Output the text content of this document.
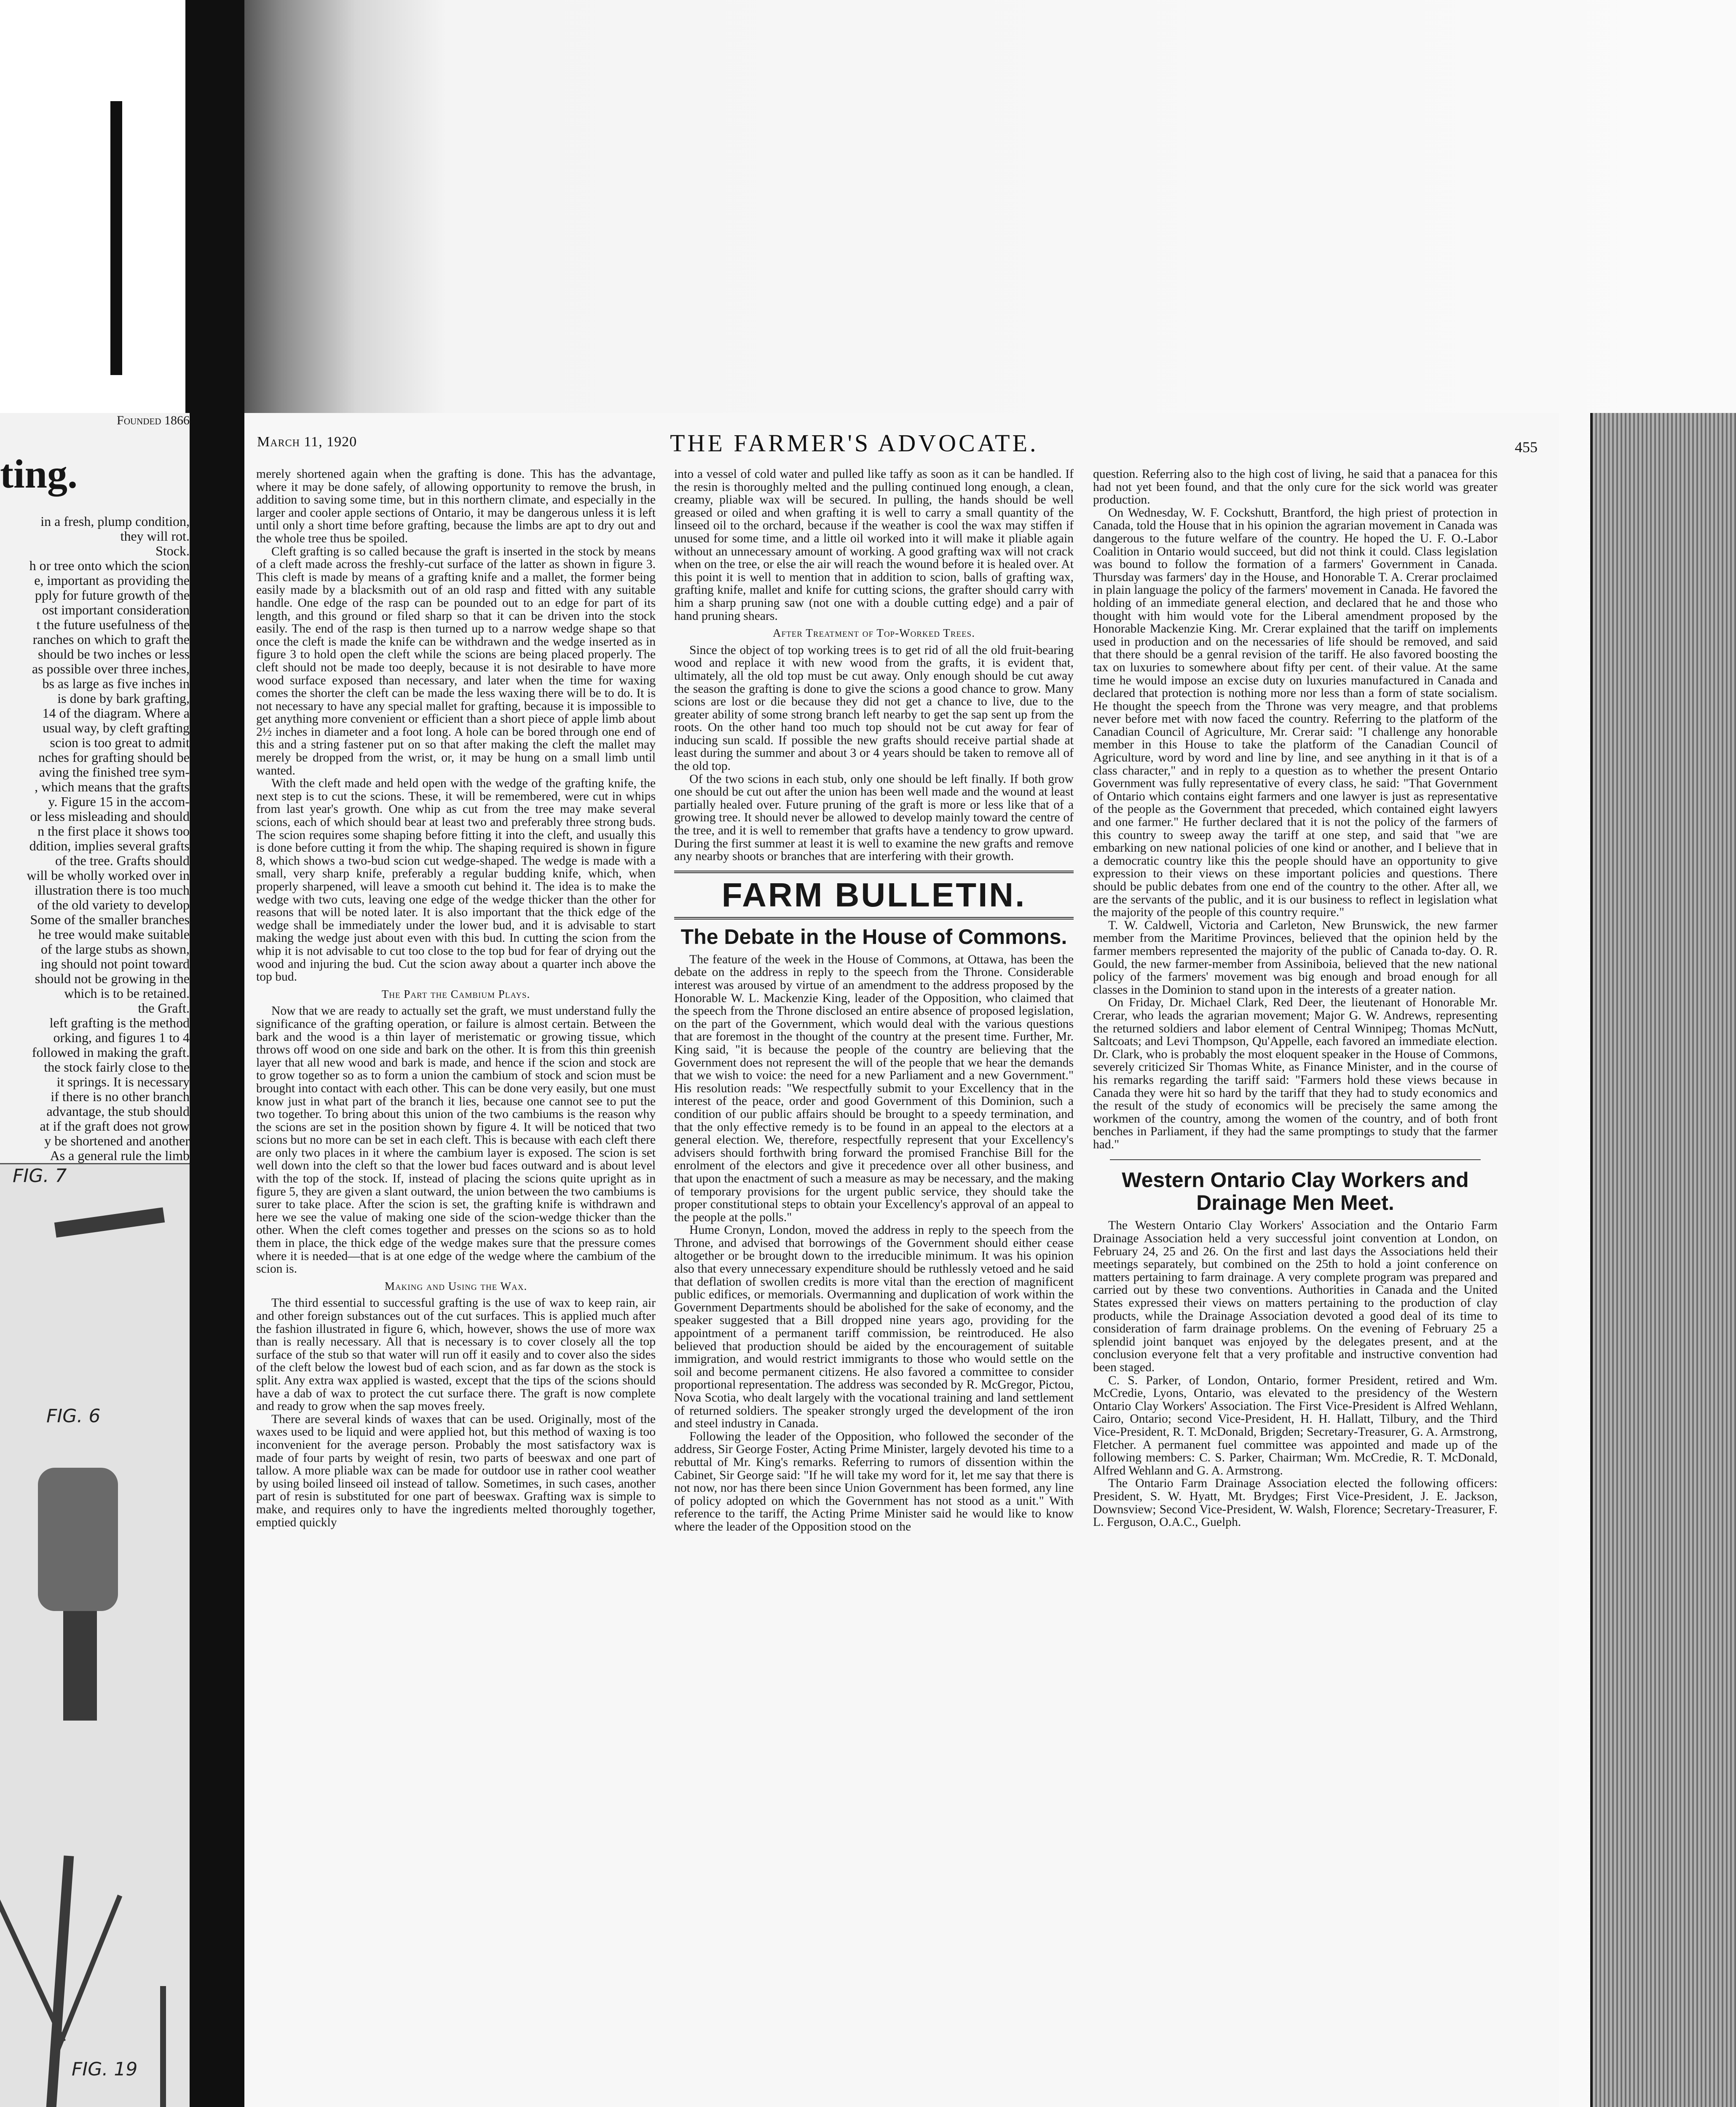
Founded 1866
ting.
in a fresh, plump condition,
they will rot.
Stock.
h or tree onto which the scion
e, important as providing the
pply for future growth of the
ost important consideration
t the future usefulness of the
ranches on which to graft the
should be two inches or less
as possible over three inches,
bs as large as five inches in
is done by bark grafting,
14 of the diagram. Where a
usual way, by cleft grafting
scion is too great to admit
nches for grafting should be
aving the finished tree sym-
, which means that the grafts
y. Figure 15 in the accom-
or less misleading and should
n the first place it shows too
ddition, implies several grafts
of the tree. Grafts should
will be wholly worked over in
illustration there is too much
of the old variety to develop
Some of the smaller branches
he tree would make suitable
of the large stubs as shown,
ing should not point toward
should not be growing in the
which is to be retained.
the Graft.
left grafting is the method
orking, and figures 1 to 4
followed in making the graft.
the stock fairly close to the
it springs. It is necessary
if there is no other branch
advantage, the stub should
at if the graft does not grow
y be shortened and another
As a general rule the limb

FIG. 7
FIG. 6
FIG. 19
March 11, 1920	THE FARMER'S ADVOCATE.	455

merely shortened again when the grafting is done. This has the advantage, where it may be done safely, of allowing opportunity to remove the brush, in addition to saving some time, but in this northern climate, and especially in the larger and cooler apple sections of Ontario, it may be dangerous unless it is left until only a short time before grafting, because the limbs are apt to dry out and the whole tree thus be spoiled.

Cleft grafting is so called because the graft is inserted in the stock by means of a cleft made across the freshly-cut surface of the latter as shown in figure 3. This cleft is made by means of a grafting knife and a mallet, the former being easily made by a blacksmith out of an old rasp and fitted with any suitable handle. One edge of the rasp can be pounded out to an edge for part of its length, and this ground or filed sharp so that it can be driven into the stock easily. The end of the rasp is then turned up to a narrow wedge shape so that once the cleft is made the knife can be withdrawn and the wedge inserted as in figure 3 to hold open the cleft while the scions are being placed properly. The cleft should not be made too deeply, because it is not desirable to have more wood surface exposed than necessary, and later when the time for waxing comes the shorter the cleft can be made the less waxing there will be to do. It is not necessary to have any special mallet for grafting, because it is impossible to get anything more convenient or efficient than a short piece of apple limb about 2½ inches in diameter and a foot long. A hole can be bored through one end of this and a string fastener put on so that after making the cleft the mallet may merely be dropped from the wrist, or, it may be hung on a small limb until wanted.

With the cleft made and held open with the wedge of the grafting knife, the next step is to cut the scions. These, it will be remembered, were cut in whips from last year's growth. One whip as cut from the tree may make several scions, each of which should bear at least two and preferably three strong buds. The scion requires some shaping before fitting it into the cleft, and usually this is done before cutting it from the whip. The shaping required is shown in figure 8, which shows a two-bud scion cut wedge-shaped. The wedge is made with a small, very sharp knife, preferably a regular budding knife, which, when properly sharpened, will leave a smooth cut behind it. The idea is to make the wedge with two cuts, leaving one edge of the wedge thicker than the other for reasons that will be noted later. It is also important that the thick edge of the wedge shall be immediately under the lower bud, and it is advisable to start making the wedge just about even with this bud. In cutting the scion from the whip it is not advisable to cut too close to the top bud for fear of drying out the wood and injuring the bud. Cut the scion away about a quarter inch above the top bud.

The Part the Cambium Plays.

Now that we are ready to actually set the graft, we must understand fully the significance of the grafting operation, or failure is almost certain. Between the bark and the wood is a thin layer of meristematic or growing tissue, which throws off wood on one side and bark on the other. It is from this thin greenish layer that all new wood and bark is made, and hence if the scion and stock are to grow together so as to form a union the cambium of stock and scion must be brought into contact with each other. This can be done very easily, but one must know just in what part of the branch it lies, because one cannot see to put the two together. To bring about this union of the two cambiums is the reason why the scions are set in the position shown by figure 4. It will be noticed that two scions but no more can be set in each cleft. This is because with each cleft there are only two places in it where the cambium layer is exposed. The scion is set well down into the cleft so that the lower bud faces outward and is about level with the top of the stock. If, instead of placing the scions quite upright as in figure 5, they are given a slant outward, the union between the two cambiums is surer to take place. After the scion is set, the grafting knife is withdrawn and here we see the value of making one side of the scion-wedge thicker than the other. When the cleft comes together and presses on the scions so as to hold them in place, the thick edge of the wedge makes sure that the pressure comes where it is needed—that is at one edge of the wedge where the cambium of the scion is.

Making and Using the Wax.

The third essential to successful grafting is the use of wax to keep rain, air and other foreign substances out of the cut surfaces. This is applied much after the fashion illustrated in figure 6, which, however, shows the use of more wax than is really necessary. All that is necessary is to cover closely all the top surface of the stub so that water will run off it easily and to cover also the sides of the cleft below the lowest bud of each scion, and as far down as the stock is split. Any extra wax applied is wasted, except that the tips of the scions should have a dab of wax to protect the cut surface there. The graft is now complete and ready to grow when the sap moves freely.

There are several kinds of waxes that can be used. Originally, most of the waxes used to be liquid and were applied hot, but this method of waxing is too inconvenient for the average person. Probably the most satisfactory wax is made of four parts by weight of resin, two parts of beeswax and one part of tallow. A more pliable wax can be made for outdoor use in rather cool weather by using boiled linseed oil instead of tallow. Sometimes, in such cases, another part of resin is substituted for one part of beeswax. Grafting wax is simple to make, and requires only to have the ingredients melted thoroughly together, emptied quickly

into a vessel of cold water and pulled like taffy as soon as it can be handled. If the resin is thoroughly melted and the pulling continued long enough, a clean, creamy, pliable wax will be secured. In pulling, the hands should be well greased or oiled and when grafting it is well to carry a small quantity of the linseed oil to the orchard, because if the weather is cool the wax may stiffen if unused for some time, and a little oil worked into it will make it pliable again without an unnecessary amount of working. A good grafting wax will not crack when on the tree, or else the air will reach the wound before it is healed over. At this point it is well to mention that in addition to scion, balls of grafting wax, grafting knife, mallet and knife for cutting scions, the grafter should carry with him a sharp pruning saw (not one with a double cutting edge) and a pair of hand pruning shears.

After Treatment of Top-Worked Trees.

Since the object of top working trees is to get rid of all the old fruit-bearing wood and replace it with new wood from the grafts, it is evident that, ultimately, all the old top must be cut away. Only enough should be cut away the season the grafting is done to give the scions a good chance to grow. Many scions are lost or die because they did not get a chance to live, due to the greater ability of some strong branch left nearby to get the sap sent up from the roots. On the other hand too much top should not be cut away for fear of inducing sun scald. If possible the new grafts should receive partial shade at least during the summer and about 3 or 4 years should be taken to remove all of the old top.

Of the two scions in each stub, only one should be left finally. If both grow one should be cut out after the union has been well made and the wound at least partially healed over. Future pruning of the graft is more or less like that of a growing tree. It should never be allowed to develop mainly toward the centre of the tree, and it is well to remember that grafts have a tendency to grow upward. During the first summer at least it is well to examine the new grafts and remove any nearby shoots or branches that are interfering with their growth.

FARM BULLETIN.
The Debate in the House of Commons.

The feature of the week in the House of Commons, at Ottawa, has been the debate on the address in reply to the speech from the Throne. Considerable interest was aroused by virtue of an amendment to the address proposed by the Honorable W. L. Mackenzie King, leader of the Opposition, who claimed that the speech from the Throne disclosed an entire absence of proposed legislation, on the part of the Government, which would deal with the various questions that are foremost in the thought of the country at the present time. Further, Mr. King said, "it is because the people of the country are believing that the Government does not represent the will of the people that we hear the demands that we wish to voice: the need for a new Parliament and a new Government." His resolution reads: "We respectfully submit to your Excellency that in the interest of the peace, order and good Government of this Dominion, such a condition of our public affairs should be brought to a speedy termination, and that the only effective remedy is to be found in an appeal to the electors at a general election. We, therefore, respectfully represent that your Excellency's advisers should forthwith bring forward the promised Franchise Bill for the enrolment of the electors and give it precedence over all other business, and that upon the enactment of such a measure as may be necessary, and the making of temporary provisions for the urgent public service, they should take the proper constitutional steps to obtain your Excellency's approval of an appeal to the people at the polls."

Hume Cronyn, London, moved the address in reply to the speech from the Throne, and advised that borrowings of the Government should either cease altogether or be brought down to the irreducible minimum. It was his opinion also that every unnecessary expenditure should be ruthlessly vetoed and he said that deflation of swollen credits is more vital than the erection of magnificent public edifices, or memorials. Overmanning and duplication of work within the Government Departments should be abolished for the sake of economy, and the speaker suggested that a Bill dropped nine years ago, providing for the appointment of a permanent tariff commission, be reintroduced. He also believed that production should be aided by the encouragement of suitable immigration, and would restrict immigrants to those who would settle on the soil and become permanent citizens. He also favored a committee to consider proportional representation. The address was seconded by R. McGregor, Pictou, Nova Scotia, who dealt largely with the vocational training and land settlement of returned soldiers. The speaker strongly urged the development of the iron and steel industry in Canada.

Following the leader of the Opposition, who followed the seconder of the address, Sir George Foster, Acting Prime Minister, largely devoted his time to a rebuttal of Mr. King's remarks. Referring to rumors of dissention within the Cabinet, Sir George said: "If he will take my word for it, let me say that there is not now, nor has there been since Union Government has been formed, any line of policy adopted on which the Government has not stood as a unit." With reference to the tariff, the Acting Prime Minister said he would like to know where the leader of the Opposition stood on the

question. Referring also to the high cost of living, he said that a panacea for this had not yet been found, and that the only cure for the sick world was greater production.

On Wednesday, W. F. Cockshutt, Brantford, the high priest of protection in Canada, told the House that in his opinion the agrarian movement in Canada was dangerous to the future welfare of the country. He hoped the U. F. O.-Labor Coalition in Ontario would succeed, but did not think it could. Class legislation was bound to follow the formation of a farmers' Government in Canada. Thursday was farmers' day in the House, and Honorable T. A. Crerar proclaimed in plain language the policy of the farmers' movement in Canada. He favored the holding of an immediate general election, and declared that he and those who thought with him would vote for the Liberal amendment proposed by the Honorable Mackenzie King. Mr. Crerar explained that the tariff on implements used in production and on the necessaries of life should be removed, and said that there should be a genral revision of the tariff. He also favored boosting the tax on luxuries to somewhere about fifty per cent. of their value. At the same time he would impose an excise duty on luxuries manufactured in Canada and declared that protection is nothing more nor less than a form of state socialism. He thought the speech from the Throne was very meagre, and that problems never before met with now faced the country. Referring to the platform of the Canadian Council of Agriculture, Mr. Crerar said: "I challenge any honorable member in this House to take the platform of the Canadian Council of Agriculture, word by word and line by line, and see anything in it that is of a class character," and in reply to a question as to whether the present Ontario Government was fully representative of every class, he said: "That Government of Ontario which contains eight farmers and one lawyer is just as representative of the people as the Government that preceded, which contained eight lawyers and one farmer." He further declared that it is not the policy of the farmers of this country to sweep away the tariff at one step, and said that "we are embarking on new national policies of one kind or another, and I believe that in a democratic country like this the people should have an opportunity to give expression to their views on these important policies and questions. There should be public debates from one end of the country to the other. After all, we are the servants of the public, and it is our business to reflect in legislation what the majority of the people of this country require."

T. W. Caldwell, Victoria and Carleton, New Brunswick, the new farmer member from the Maritime Provinces, believed that the opinion held by the farmer members represented the majority of the public of Canada to-day. O. R. Gould, the new farmer-member from Assiniboia, believed that the new national policy of the farmers' movement was big enough and broad enough for all classes in the Dominion to stand upon in the interests of a greater nation.

On Friday, Dr. Michael Clark, Red Deer, the lieutenant of Honorable Mr. Crerar, who leads the agrarian movement; Major G. W. Andrews, representing the returned soldiers and labor element of Central Winnipeg; Thomas McNutt, Saltcoats; and Levi Thompson, Qu'Appelle, each favored an immediate election. Dr. Clark, who is probably the most eloquent speaker in the House of Commons, severely criticized Sir Thomas White, as Finance Minister, and in the course of his remarks regarding the tariff said: "Farmers hold these views because in Canada they were hit so hard by the tariff that they had to study economics and the result of the study of economics will be precisely the same among the workmen of the country, among the women of the country, and of both front benches in Parliament, if they had the same promptings to study that the farmer had."

Western Ontario Clay Workers and Drainage Men Meet.

The Western Ontario Clay Workers' Association and the Ontario Farm Drainage Association held a very successful joint convention at London, on February 24, 25 and 26. On the first and last days the Associations held their meetings separately, but combined on the 25th to hold a joint conference on matters pertaining to farm drainage. A very complete program was prepared and carried out by these two conventions. Authorities in Canada and the United States expressed their views on matters pertaining to the production of clay products, while the Drainage Association devoted a good deal of its time to consideration of farm drainage problems. On the evening of February 25 a splendid joint banquet was enjoyed by the delegates present, and at the conclusion everyone felt that a very profitable and instructive convention had been staged.

C. S. Parker, of London, Ontario, former President, retired and Wm. McCredie, Lyons, Ontario, was elevated to the presidency of the Western Ontario Clay Workers' Association. The First Vice-President is Alfred Wehlann, Cairo, Ontario; second Vice-President, H. H. Hallatt, Tilbury, and the Third Vice-President, R. T. McDonald, Brigden; Secretary-Treasurer, G. A. Armstrong, Fletcher. A permanent fuel committee was appointed and made up of the following members: C. S. Parker, Chairman; Wm. McCredie, R. T. McDonald, Alfred Wehlann and G. A. Armstrong.

The Ontario Farm Drainage Association elected the following officers: President, S. W. Hyatt, Mt. Brydges; First Vice-President, J. E. Jackson, Downsview; Second Vice-President, W. Walsh, Florence; Secretary-Treasurer, F. L. Ferguson, O.A.C., Guelph.
